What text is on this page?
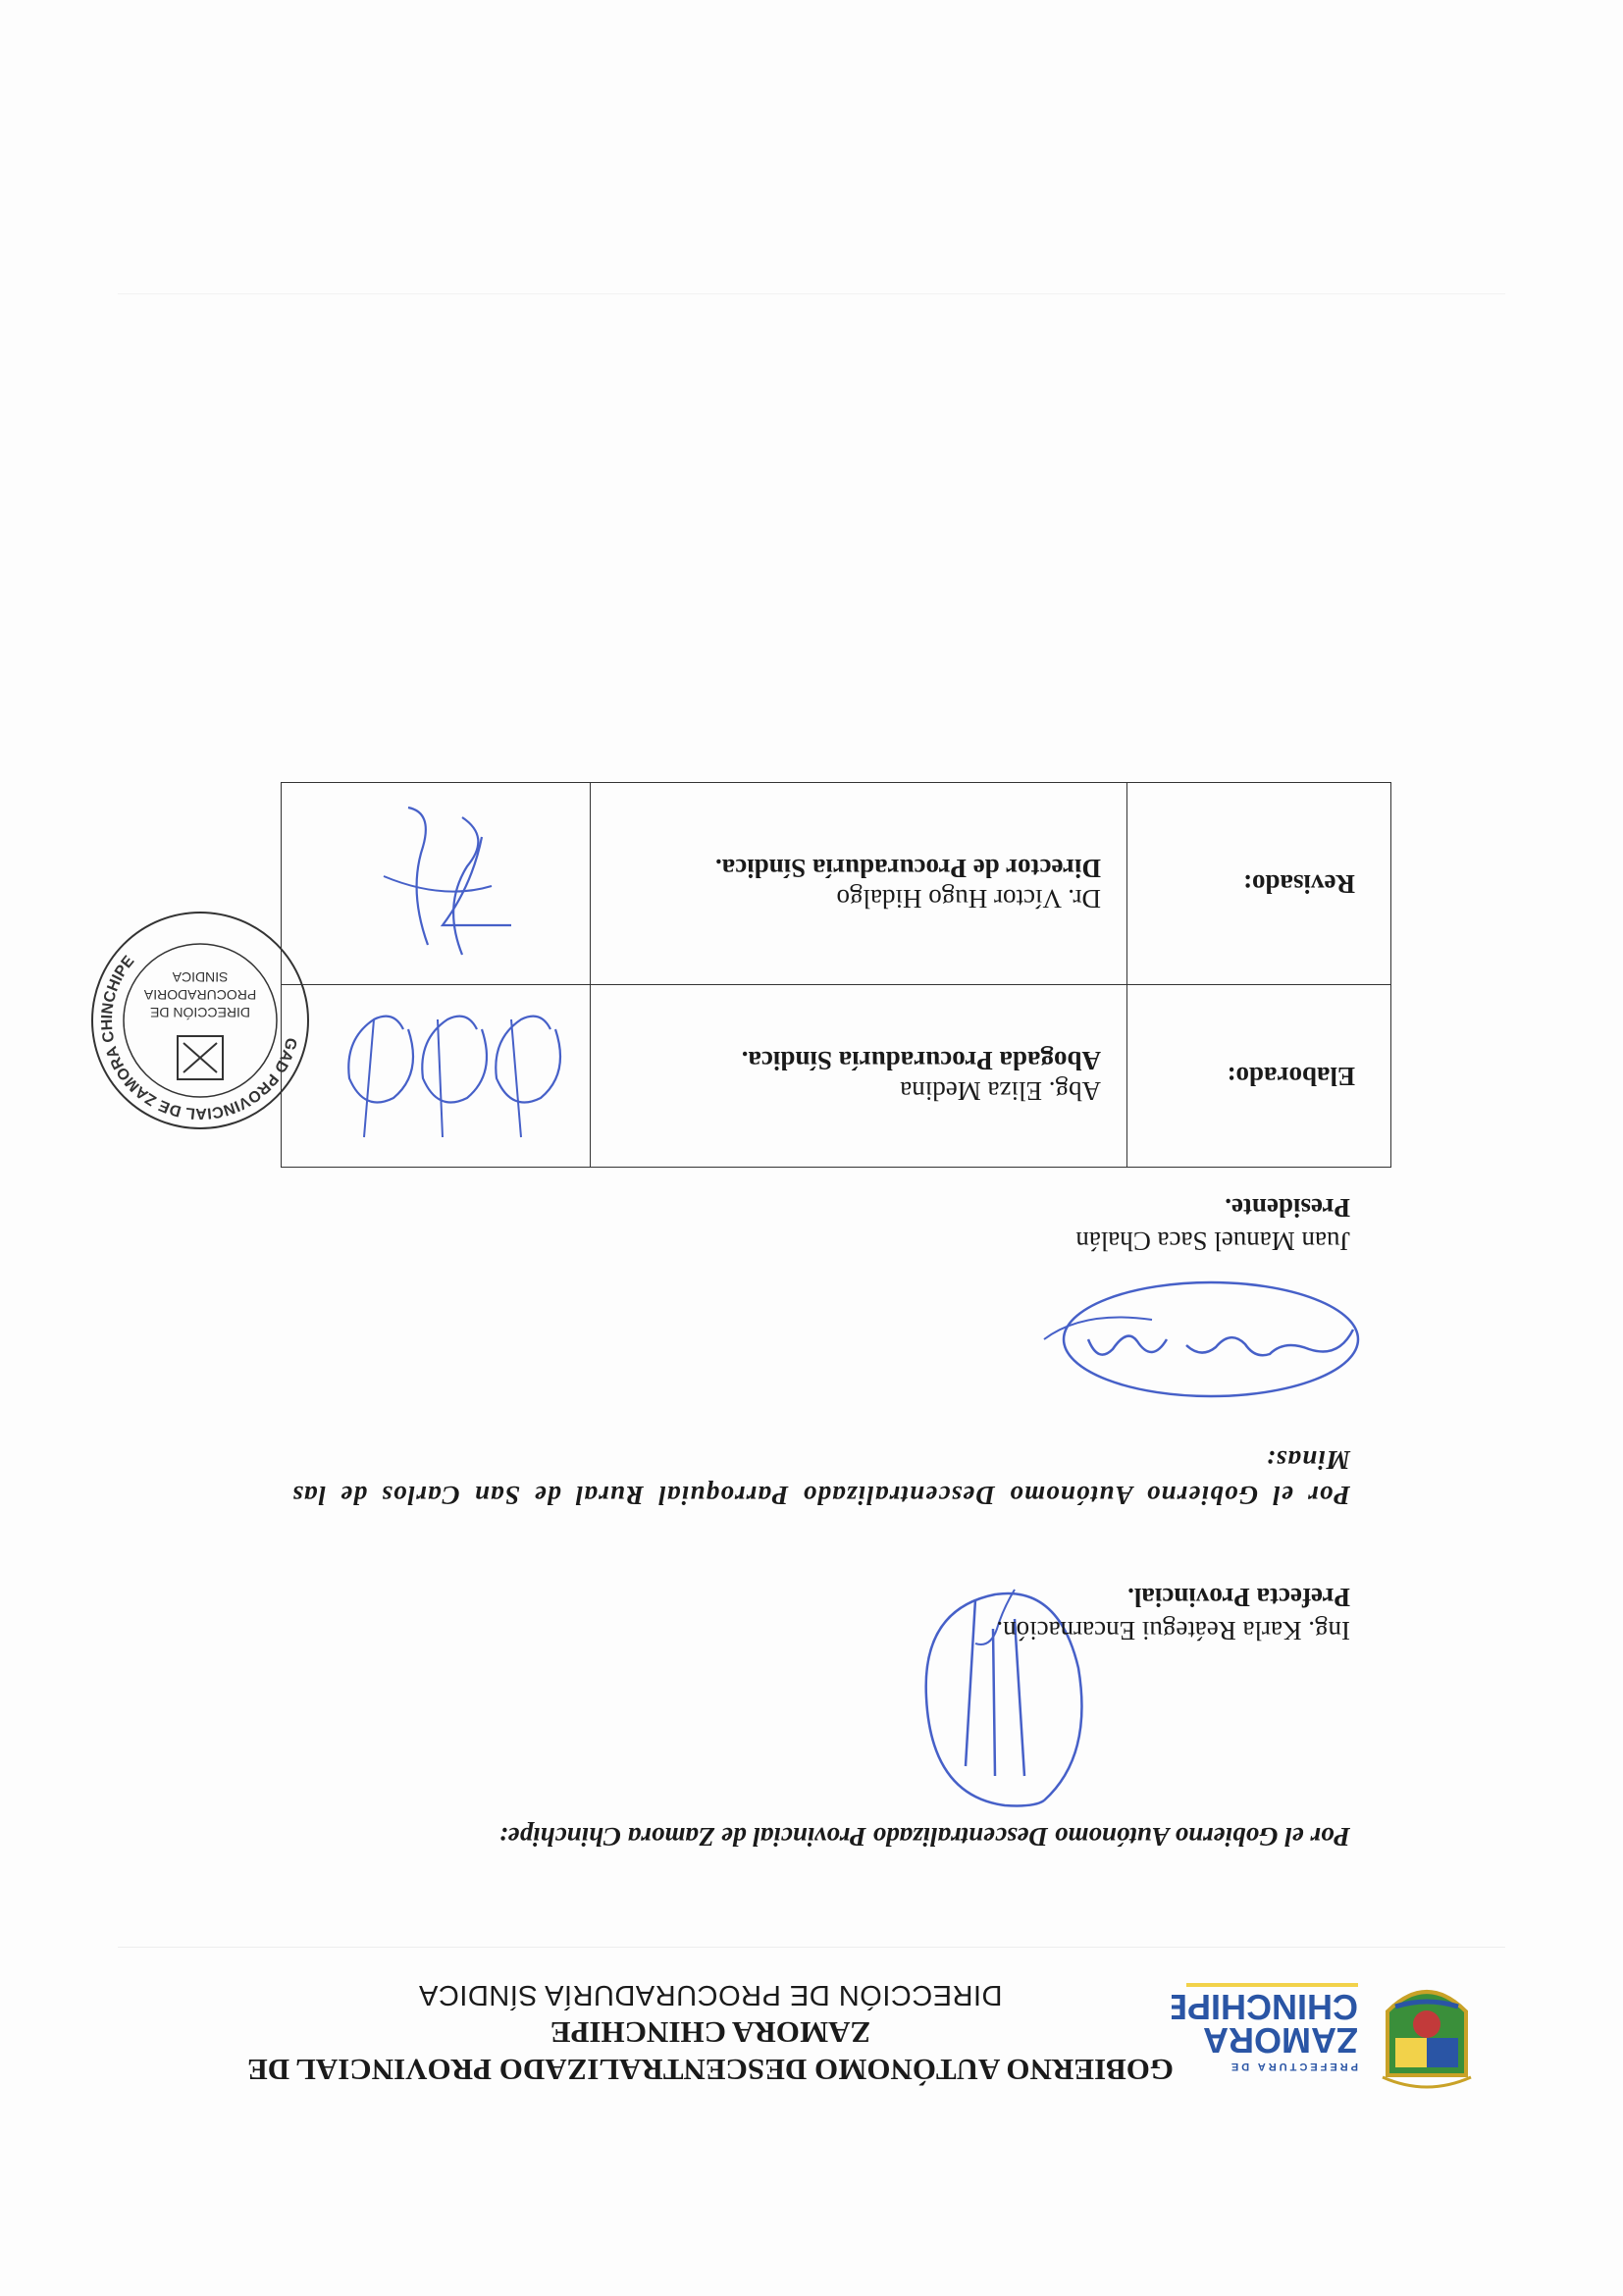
PREFECTURA DE
ZAMORA
CHINCHIPE
GOBIERNO AUTÓNOMO DESCENTRALIZADO PROVINCIAL DE
ZAMORA CHINCHIPE
DIRECCIÓN DE PROCURADURÍA SÍNDICA
Por el Gobierno Autónomo Descentralizado Provincial de Zamora Chinchipe:
Ing. Karla Reátegui Encarnación.
Prefecta Provincial.
Por el Gobierno Autónomo Descentralizado Parroquial Rural de San Carlos de las Minas:
Juan Manuel Saca Chalán
Presidente.
Elaborado:	Abg. Eliza Medina
Abogada Procuraduría Síndica.

Revisado:	Dr. Víctor Hugo Hidalgo
Director de Procuraduría Síndica.

GAD PROVINCIAL DE ZAMORA CHINCHIPE
DIRECCIÓN DE
PROCURADORIA
SINDICA
